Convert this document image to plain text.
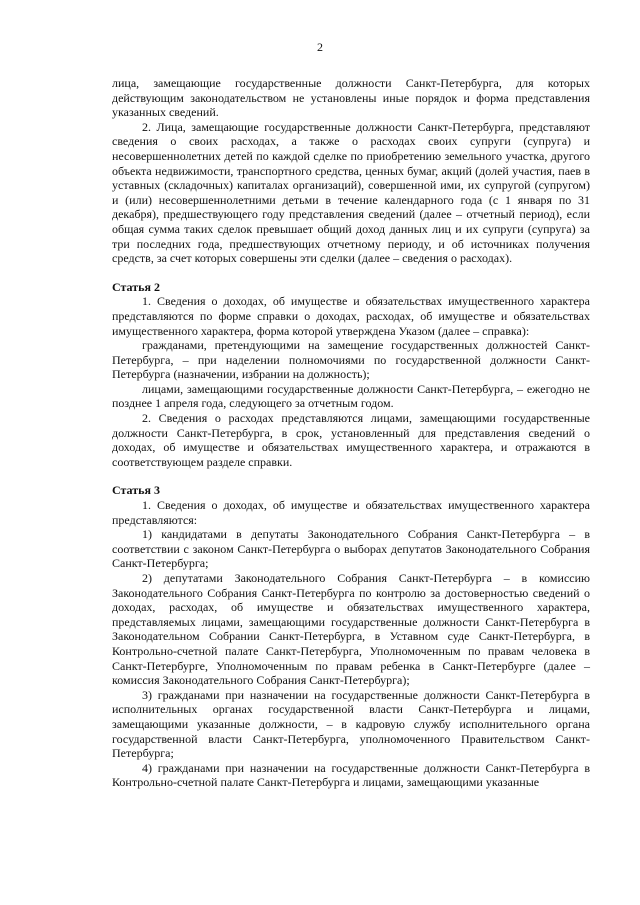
2

лица, замещающие государственные должности Санкт-Петербурга, для которых действующим законодательством не установлены иные порядок и форма представления указанных сведений.

2. Лица, замещающие государственные должности Санкт-Петербурга, представляют сведения о своих расходах, а также о расходах своих супруги (супруга) и несовершеннолетних детей по каждой сделке по приобретению земельного участка, другого объекта недвижимости, транспортного средства, ценных бумаг, акций (долей участия, паев в уставных (складочных) капиталах организаций), совершенной ими, их супругой (супругом) и (или) несовершеннолетними детьми в течение календарного года (с 1 января по 31 декабря), предшествующего году представления сведений (далее – отчетный период), если общая сумма таких сделок превышает общий доход данных лиц и их супруги (супруга) за три последних года, предшествующих отчетному периоду, и об источниках получения средств, за счет которых совершены эти сделки (далее – сведения о расходах).

Статья 2

1. Сведения о доходах, об имуществе и обязательствах имущественного характера представляются по форме справки о доходах, расходах, об имуществе и обязательствах имущественного характера, форма которой утверждена Указом (далее – справка):

гражданами, претендующими на замещение государственных должностей Санкт-Петербурга, – при наделении полномочиями по государственной должности Санкт-Петербурга (назначении, избрании на должность);

лицами, замещающими государственные должности Санкт-Петербурга, – ежегодно не позднее 1 апреля года, следующего за отчетным годом.

2. Сведения о расходах представляются лицами, замещающими государственные должности Санкт-Петербурга, в срок, установленный для представления сведений о доходах, об имуществе и обязательствах имущественного характера, и отражаются в соответствующем разделе справки.

Статья 3

1. Сведения о доходах, об имуществе и обязательствах имущественного характера представляются:

1) кандидатами в депутаты Законодательного Собрания Санкт-Петербурга – в соответствии с законом Санкт-Петербурга о выборах депутатов Законодательного Собрания Санкт-Петербурга;

2) депутатами Законодательного Собрания Санкт-Петербурга – в комиссию Законодательного Собрания Санкт-Петербурга по контролю за достоверностью сведений о доходах, расходах, об имуществе и обязательствах имущественного характера, представляемых лицами, замещающими государственные должности Санкт-Петербурга в Законодательном Собрании Санкт-Петербурга, в Уставном суде Санкт-Петербурга, в Контрольно-счетной палате Санкт-Петербурга, Уполномоченным по правам человека в Санкт-Петербурге, Уполномоченным по правам ребенка в Санкт-Петербурге (далее – комиссия Законодательного Собрания Санкт-Петербурга);

3) гражданами при назначении на государственные должности Санкт-Петербурга в исполнительных органах государственной власти Санкт-Петербурга и лицами, замещающими указанные должности, – в кадровую службу исполнительного органа государственной власти Санкт-Петербурга, уполномоченного Правительством Санкт-Петербурга;

4) гражданами при назначении на государственные должности Санкт-Петербурга в Контрольно-счетной палате Санкт-Петербурга и лицами, замещающими указанные
